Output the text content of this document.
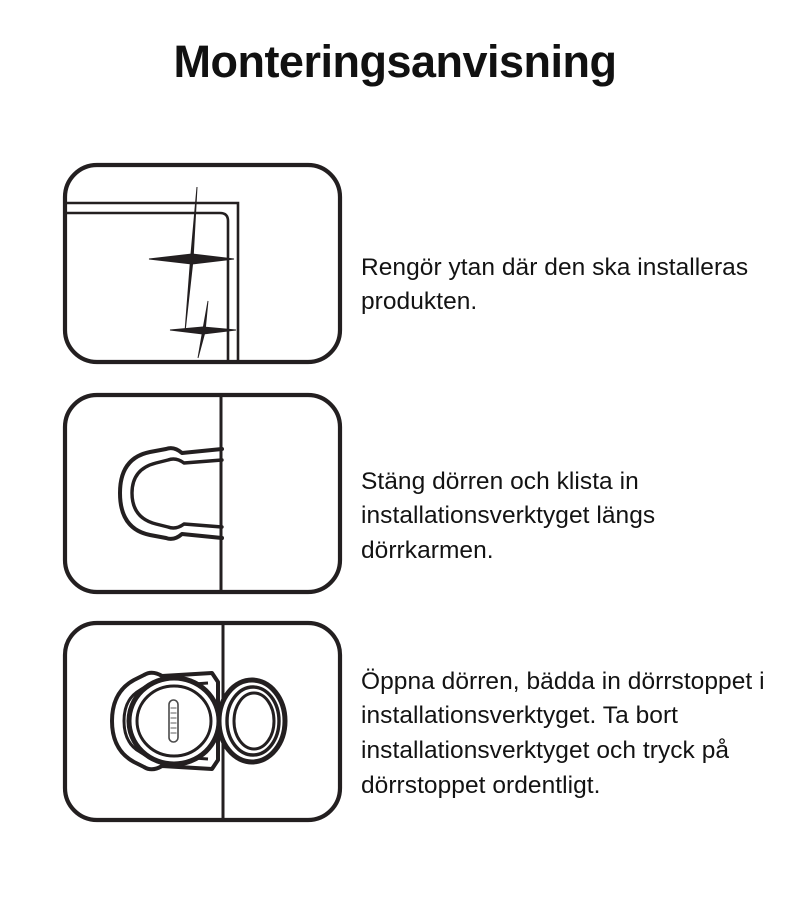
Monteringsanvisning

Rengör ytan där den ska installeras produkten.

Stäng dörren och klista in installationsverktyget längs dörrkarmen.

Öppna dörren, bädda in dörrstoppet i installationsverktyget. Ta bort installationsverktyget och tryck på dörrstoppet ordentligt.
